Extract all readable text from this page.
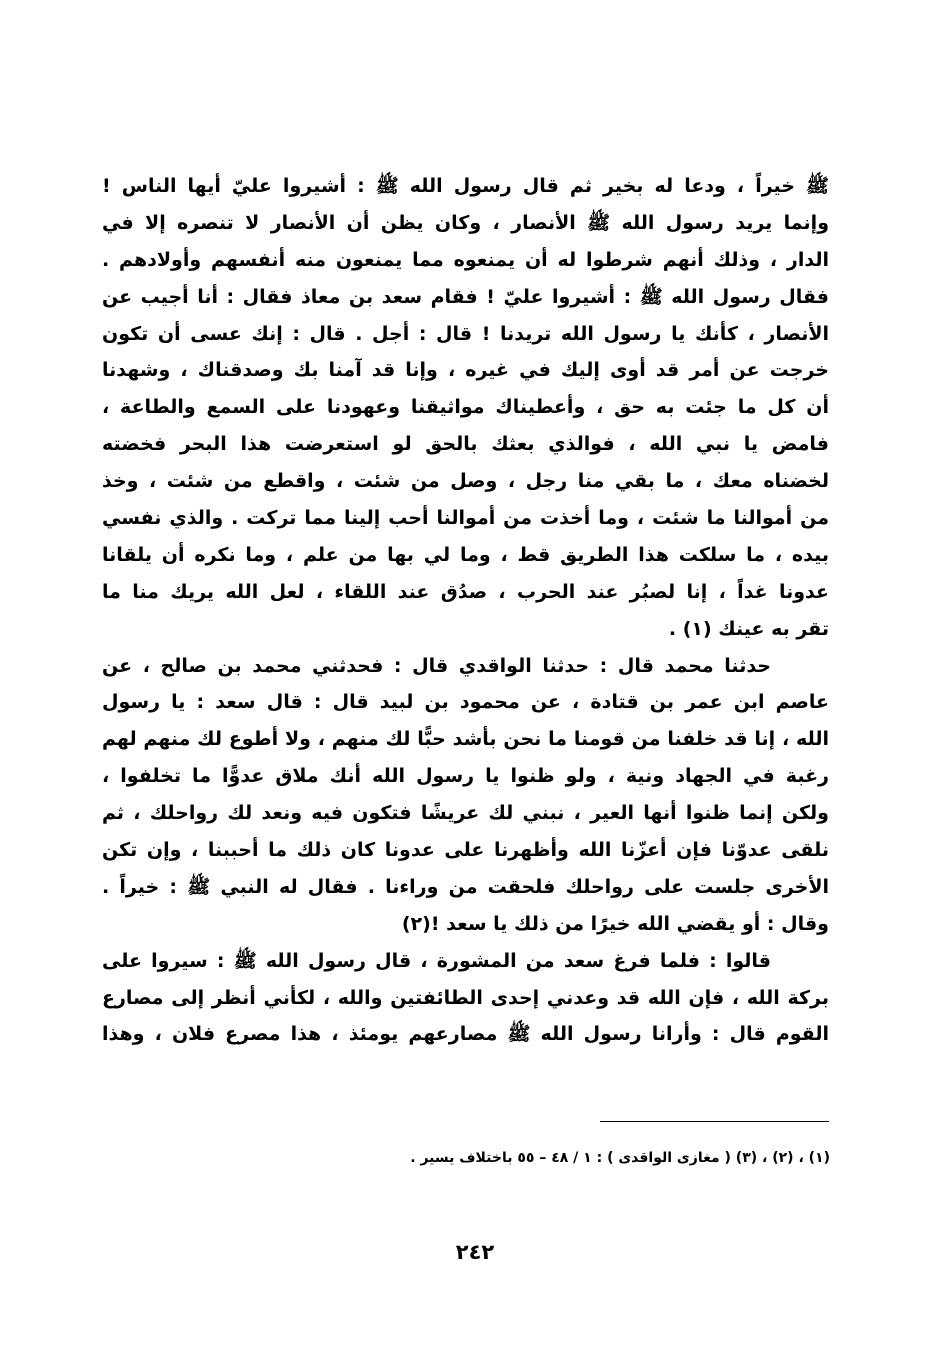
ﷺ خيراً ، ودعا له بخير ثم قال رسول الله ﷺ : أشيروا عليّ أيها الناس !
وإنما يريد رسول الله ﷺ الأنصار ، وكان يظن أن الأنصار لا تنصره إلا في
الدار ، وذلك أنهم شرطوا له أن يمنعوه مما يمنعون منه أنفسهم وأولادهم .
فقال رسول الله ﷺ : أشيروا عليّ ! فقام سعد بن معاذ فقال : أنا أجيب عن
الأنصار ، كأنك يا رسول الله تريدنا ! قال : أجل . قال : إنك عسى أن تكون
خرجت عن أمر قد أوى إليك في غيره ، وإنا قد آمنا بك وصدقناك ، وشهدنا
أن كل ما جئت به حق ، وأعطيناك مواثيقنا وعهودنا على السمع والطاعة ،
فامض يا نبي الله ، فوالذي بعثك بالحق لو استعرضت هذا البحر فخضته
لخضناه معك ، ما بقي منا رجل ، وصل من شئت ، واقطع من شئت ، وخذ
من أموالنا ما شئت ، وما أخذت من أموالنا أحب إلينا مما تركت . والذي نفسي
بيده ، ما سلكت هذا الطريق قط ، وما لي بها من علم ، وما نكره أن يلقانا
عدونا غداً ، إنا لصبُر عند الحرب ، صدُق عند اللقاء ، لعل الله يريك منا ما
تقر به عينك (١) .
حدثنا محمد قال : حدثنا الواقدي قال : فحدثني محمد بن صالح ، عن
عاصم ابن عمر بن قتادة ، عن محمود بن لبيد قال : قال سعد : يا رسول
الله ، إنا قد خلفنا من قومنا ما نحن بأشد حبًّا لك منهم ، ولا أطوع لك منهم لهم
رغبة في الجهاد ونية ، ولو ظنوا يا رسول الله أنك ملاق عدوًّا ما تخلفوا ،
ولكن إنما ظنوا أنها العير ، نبني لك عريشًا فتكون فيه ونعد لك رواحلك ، ثم
نلقى عدوّنا فإن أعزّنا الله وأظهرنا على عدونا كان ذلك ما أحببنا ، وإن تكن
الأخرى جلست على رواحلك فلحقت من وراءنا . فقال له النبي ﷺ : خيراً .
وقال : أو يقضي الله خيرًا من ذلك يا سعد !(٢)
قالوا : فلما فرغ سعد من المشورة ، قال رسول الله ﷺ : سيروا على
بركة الله ، فإن الله قد وعدني إحدى الطائفتين والله ، لكأني أنظر إلى مصارع
القوم قال : وأرانا رسول الله ﷺ مصارعهم يومئذ ، هذا مصرع فلان ، وهذا
(١) ، (٢) ، (٣) ( مغازى الواقدى ) : ١ / ٤٨ – ٥٥ باختلاف يسير .
٢٤٢
